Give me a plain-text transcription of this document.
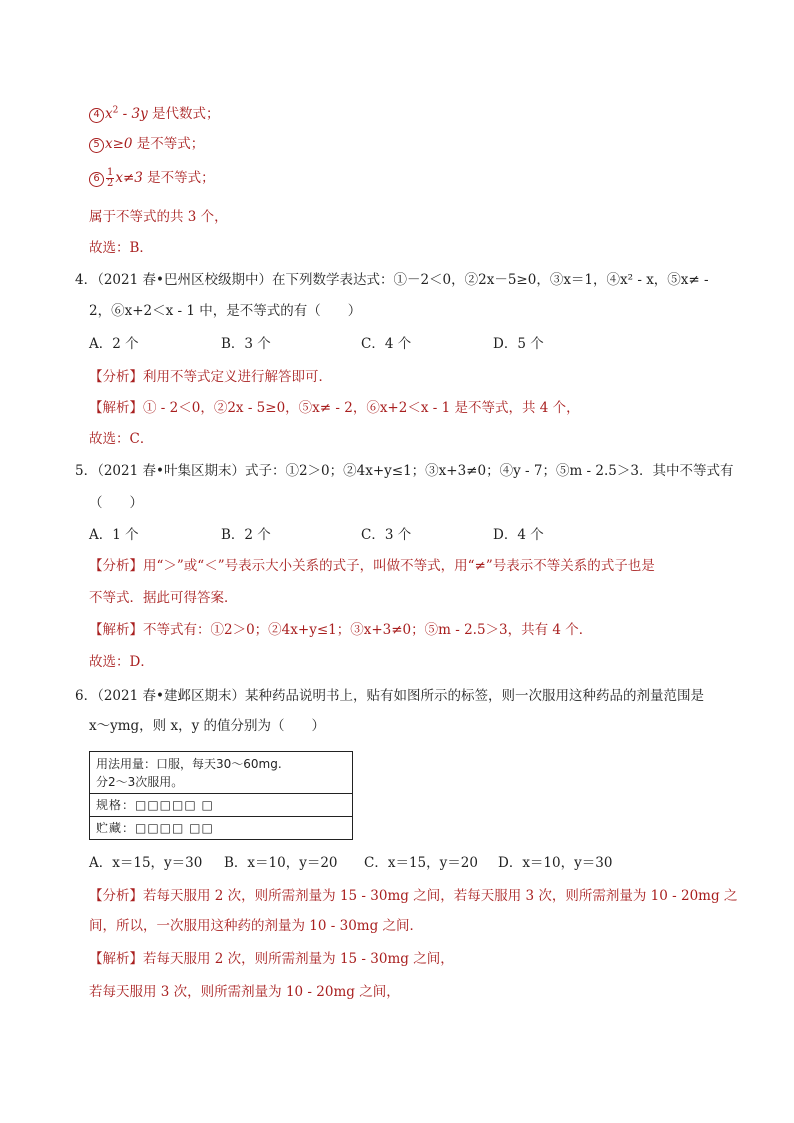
4 $x^2 - 3y$ 是代数式；
5 x≥0 是不等式；
$6 \frac{1}{2} x\ne 3$ 是不等式；
属于不等式的共 3 个，
故选：B．
4．（2021 春•巴州区校级期中）在下列数学表达式：①－2＜0，②2x－5≥0，③x＝1，④x² - x，⑤x≠ -
2，⑥x+2＜x - 1 中，是不等式的有（　　）
A．2 个	B．3 个	C．4 个	D．5 个
【分析】利用不等式定义进行解答即可．
【解析】① - 2＜0，②2x - 5≥0，⑤x≠ - 2，⑥x+2＜x - 1 是不等式，共 4 个，
故选：C．
5．（2021 春•叶集区期末）式子：①2＞0；②4x+y≤1；③x+3≠0；④y - 7；⑤m - 2.5＞3．其中不等式有
（　　）
A．1 个	B．2 个	C．3 个	D．4 个
【分析】用“＞”或“＜”号表示大小关系的式子，叫做不等式，用“≠”号表示不等关系的式子也是
不等式．据此可得答案．
【解析】不等式有：①2＞0；②4x+y≤1；③x+3≠0；⑤m - 2.5＞3，共有 4 个．
故选：D．
6．（2021 春•建邺区期末）某种药品说明书上，贴有如图所示的标签，则一次服用这种药品的剂量范围是
x～ymg，则 x，y 的值分别为（　　）
用法用量：口服，每天30～60mg.
分2～3次服用。
规格：□□□□□ □
贮藏：□□□□ □□
A．x＝15，y＝30	B．x＝10，y＝20	C．x＝15，y＝20	D．x＝10，y＝30
【分析】若每天服用 2 次，则所需剂量为 15 - 30mg 之间，若每天服用 3 次，则所需剂量为 10 - 20mg 之
间，所以，一次服用这种药的剂量为 10 - 30mg 之间．
【解析】若每天服用 2 次，则所需剂量为 15 - 30mg 之间，
若每天服用 3 次，则所需剂量为 10 - 20mg 之间，
